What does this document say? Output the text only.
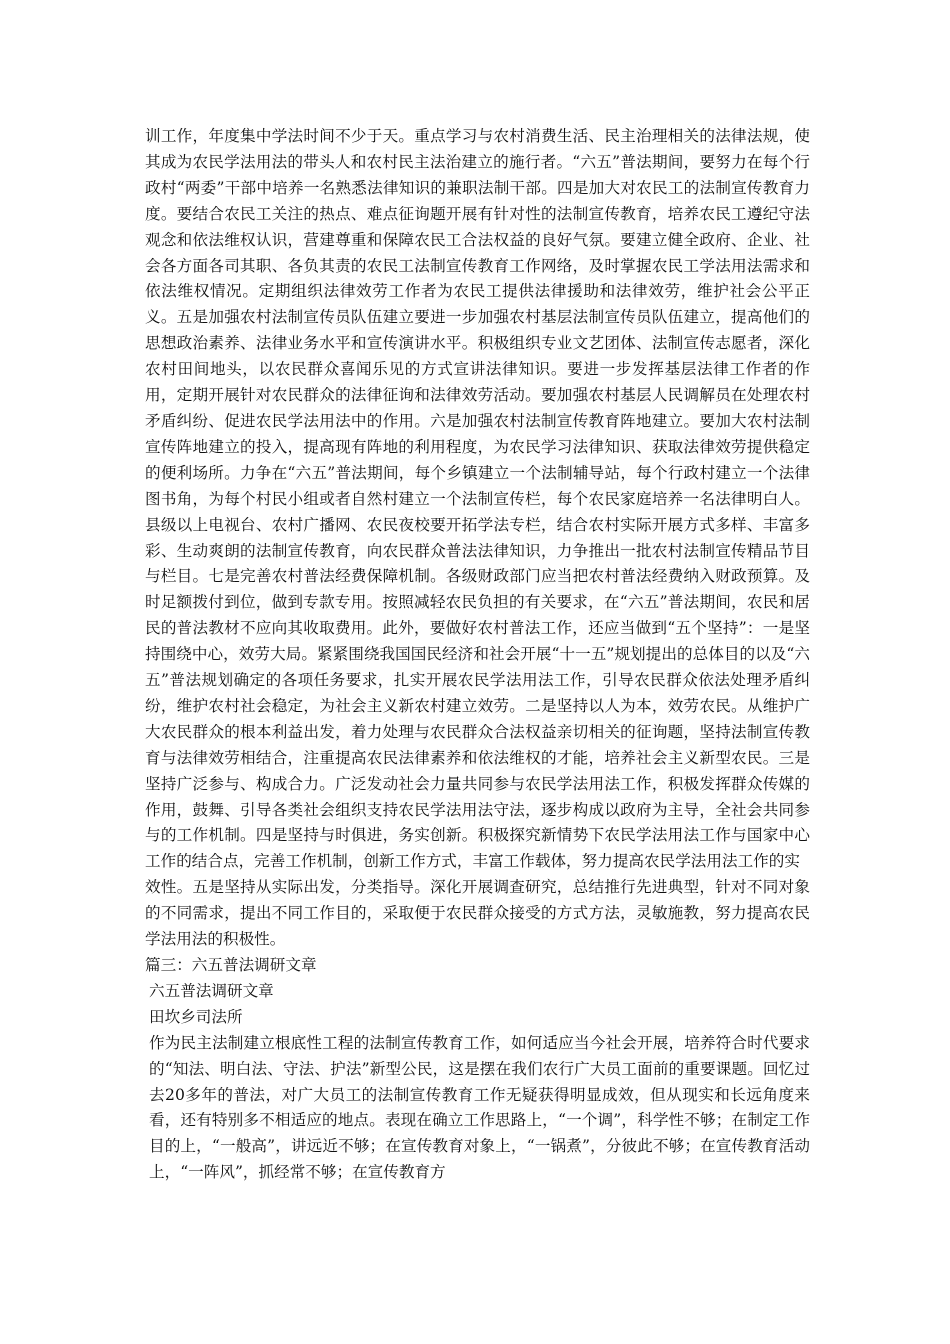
训工作，年度集中学法时间不少于天。重点学习与农村消费生活、民主治理相关的法律法规，使其成为农民学法用法的带头人和农村民主法治建立的施行者。“六五”普法期间，要努力在每个行政村“两委”干部中培养一名熟悉法律知识的兼职法制干部。四是加大对农民工的法制宣传教育力度。要结合农民工关注的热点、难点征询题开展有针对性的法制宣传教育，培养农民工遵纪守法观念和依法维权认识，营建尊重和保障农民工合法权益的良好气氛。要建立健全政府、企业、社会各方面各司其职、各负其责的农民工法制宣传教育工作网络，及时掌握农民工学法用法需求和依法维权情况。定期组织法律效劳工作者为农民工提供法律援助和法律效劳，维护社会公平正义。五是加强农村法制宣传员队伍建立要进一步加强农村基层法制宣传员队伍建立，提高他们的思想政治素养、法律业务水平和宣传演讲水平。积极组织专业文艺团体、法制宣传志愿者，深化农村田间地头，以农民群众喜闻乐见的方式宣讲法律知识。要进一步发挥基层法律工作者的作用，定期开展针对农民群众的法律征询和法律效劳活动。要加强农村基层人民调解员在处理农村矛盾纠纷、促进农民学法用法中的作用。六是加强农村法制宣传教育阵地建立。要加大农村法制宣传阵地建立的投入，提高现有阵地的利用程度，为农民学习法律知识、获取法律效劳提供稳定的便利场所。力争在“六五”普法期间，每个乡镇建立一个法制辅导站，每个行政村建立一个法律图书角，为每个村民小组或者自然村建立一个法制宣传栏，每个农民家庭培养一名法律明白人。县级以上电视台、农村广播网、农民夜校要开拓学法专栏，结合农村实际开展方式多样、丰富多彩、生动爽朗的法制宣传教育，向农民群众普法法律知识，力争推出一批农村法制宣传精品节目与栏目。七是完善农村普法经费保障机制。各级财政部门应当把农村普法经费纳入财政预算。及时足额拨付到位，做到专款专用。按照减轻农民负担的有关要求，在“六五”普法期间，农民和居民的普法教材不应向其收取费用。此外，要做好农村普法工作，还应当做到“五个坚持”：一是坚持围绕中心，效劳大局。紧紧围绕我国国民经济和社会开展“十一五”规划提出的总体目的以及“六五”普法规划确定的各项任务要求，扎实开展农民学法用法工作，引导农民群众依法处理矛盾纠纷，维护农村社会稳定，为社会主义新农村建立效劳。二是坚持以人为本，效劳农民。从维护广大农民群众的根本利益出发，着力处理与农民群众合法权益亲切相关的征询题，坚持法制宣传教育与法律效劳相结合，注重提高农民法律素养和依法维权的才能，培养社会主义新型农民。三是坚持广泛参与、构成合力。广泛发动社会力量共同参与农民学法用法工作，积极发挥群众传媒的作用，鼓舞、引导各类社会组织支持农民学法用法守法，逐步构成以政府为主导，全社会共同参与的工作机制。四是坚持与时俱进，务实创新。积极探究新情势下农民学法用法工作与国家中心工作的结合点，完善工作机制，创新工作方式，丰富工作载体，努力提高农民学法用法工作的实

效性。五是坚持从实际出发，分类指导。深化开展调查研究，总结推行先进典型，针对不同对象的不同需求，提出不同工作目的，采取便于农民群众接受的方式方法，灵敏施教，努力提高农民学法用法的积极性。

篇三：六五普法调研文章

六五普法调研文章

田坎乡司法所

作为民主法制建立根底性工程的法制宣传教育工作，如何适应当今社会开展，培养符合时代要求的“知法、明白法、守法、护法”新型公民，这是摆在我们农行广大员工面前的重要课题。回忆过去20多年的普法，对广大员工的法制宣传教育工作无疑获得明显成效，但从现实和长远角度来看，还有特别多不相适应的地点。表现在确立工作思路上，“一个调”，科学性不够；在制定工作目的上，“一般高”，讲远近不够；在宣传教育对象上，“一锅煮”，分彼此不够；在宣传教育活动上，“一阵风”，抓经常不够；在宣传教育方
